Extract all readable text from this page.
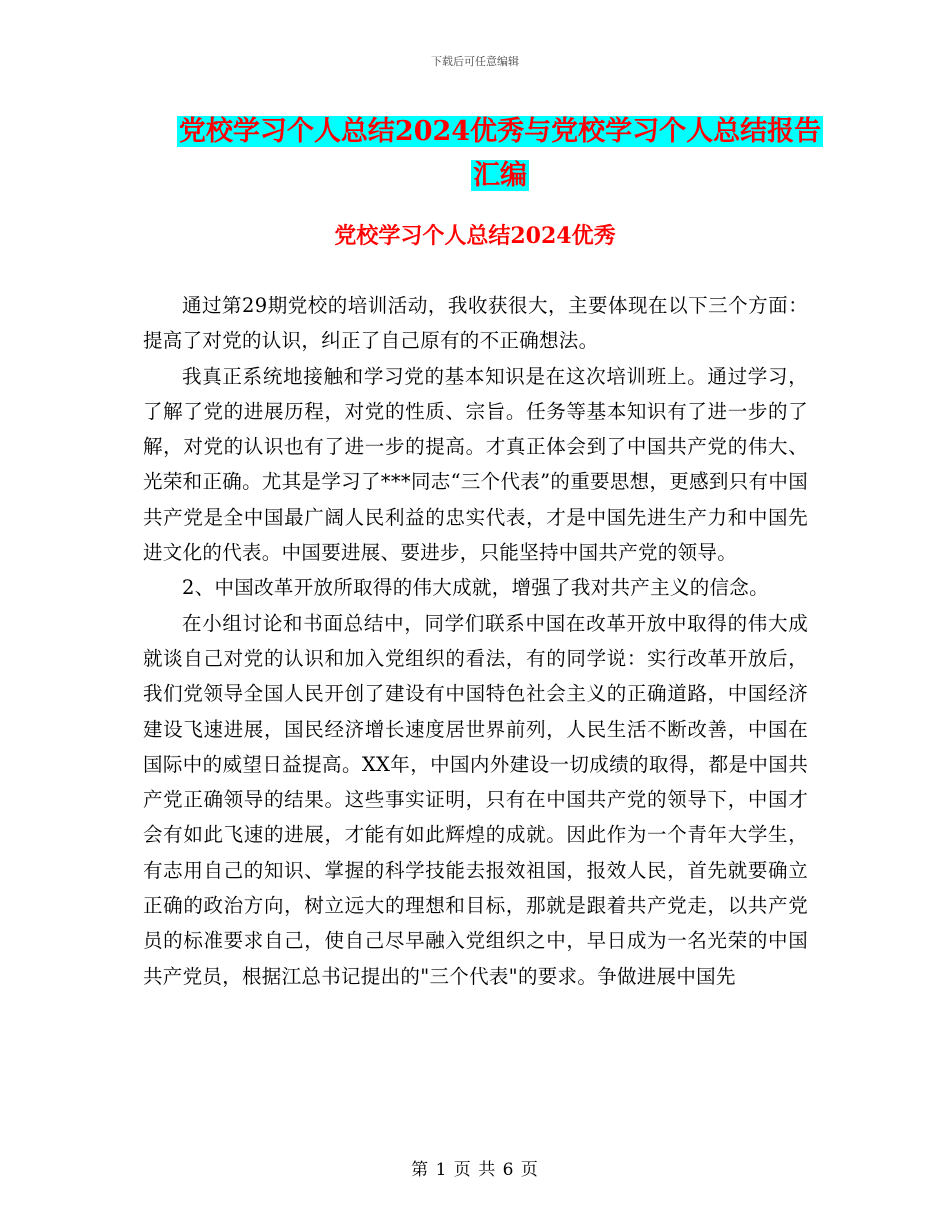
下载后可任意编辑
党校学习个人总结2024优秀与党校学习个人总结报告
汇编
党校学习个人总结2024优秀

通过第29期党校的培训活动，我收获很大，主要体现在以下三个方面：提高了对党的认识，纠正了自己原有的不正确想法。

我真正系统地接触和学习党的基本知识是在这次培训班上。通过学习，了解了党的进展历程，对党的性质、宗旨。任务等基本知识有了进一步的了解，对党的认识也有了进一步的提高。才真正体会到了中国共产党的伟大、光荣和正确。尤其是学习了***同志“三个代表”的重要思想，更感到只有中国共产党是全中国最广阔人民利益的忠实代表，才是中国先进生产力和中国先进文化的代表。中国要进展、要进步，只能坚持中国共产党的领导。

2、中国改革开放所取得的伟大成就，增强了我对共产主义的信念。

在小组讨论和书面总结中，同学们联系中国在改革开放中取得的伟大成就谈自己对党的认识和加入党组织的看法，有的同学说：实行改革开放后，我们党领导全国人民开创了建设有中国特色社会主义的正确道路，中国经济建设飞速进展，国民经济增长速度居世界前列，人民生活不断改善，中国在国际中的威望日益提高。XX年，中国内外建设一切成绩的取得，都是中国共产党正确领导的结果。这些事实证明，只有在中国共产党的领导下，中国才会有如此飞速的进展，才能有如此辉煌的成就。因此作为一个青年大学生，有志用自己的知识、掌握的科学技能去报效祖国，报效人民，首先就要确立正确的政治方向，树立远大的理想和目标，那就是跟着共产党走，以共产党员的标准要求自己，使自己尽早融入党组织之中，早日成为一名光荣的中国共产党员，根据江总书记提出的"三个代表"的要求。争做进展中国先

第 1 页 共 6 页
